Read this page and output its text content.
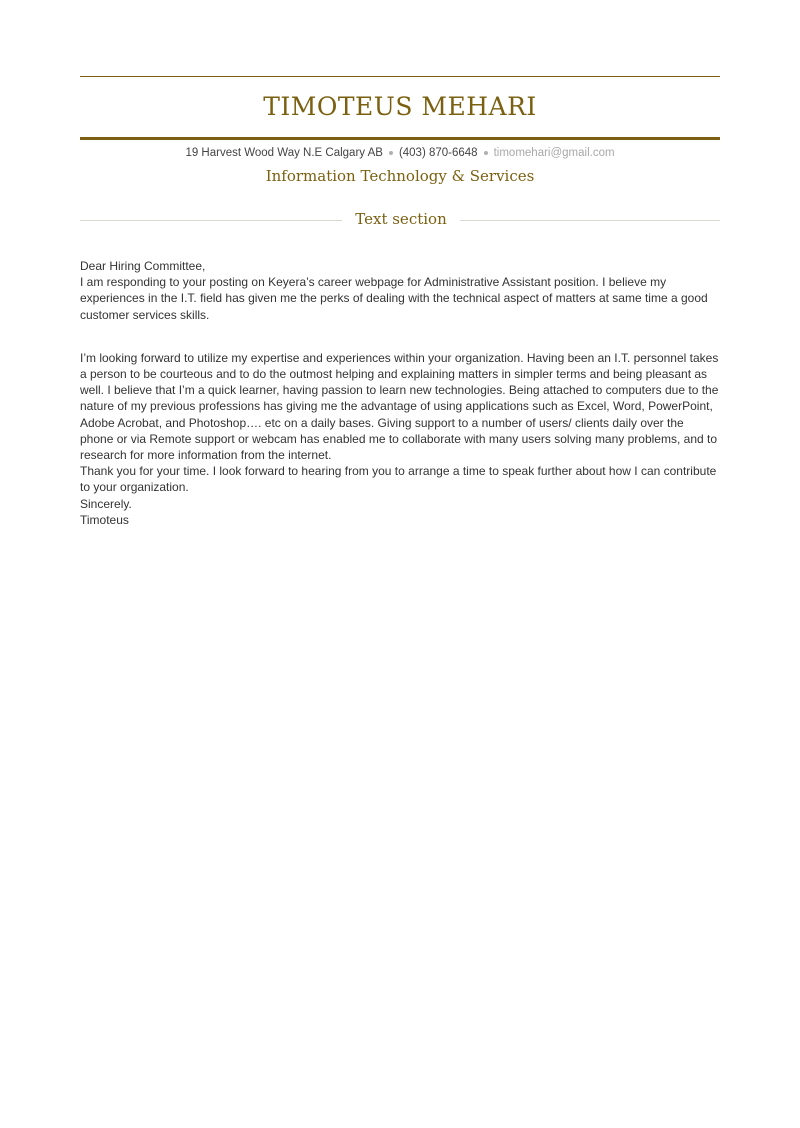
TIMOTEUS MEHARI
19 Harvest Wood Way N.E Calgary AB (403) 870-6648 timomehari@gmail.com
Information Technology & Services
Text section

Dear Hiring Committee,

I am responding to your posting on Keyera’s career webpage for Administrative Assistant position. I believe my experiences in the I.T. field has given me the perks of dealing with the technical aspect of matters at same time a good customer services skills.

I’m looking forward to utilize my expertise and experiences within your organization. Having been an I.T. personnel takes a person to be courteous and to do the outmost helping and explaining matters in simpler terms and being pleasant as well. I believe that I’m a quick learner, having passion to learn new technologies. Being attached to computers due to the nature of my previous professions has giving me the advantage of using applications such as Excel, Word, PowerPoint, Adobe Acrobat, and Photoshop…. etc on a daily bases. Giving support to a number of users/ clients daily over the phone or via Remote support or webcam has enabled me to collaborate with many users solving many problems, and to research for more information from the internet.

Thank you for your time. I look forward to hearing from you to arrange a time to speak further about how I can contribute to your organization.

Sincerely.

Timoteus
